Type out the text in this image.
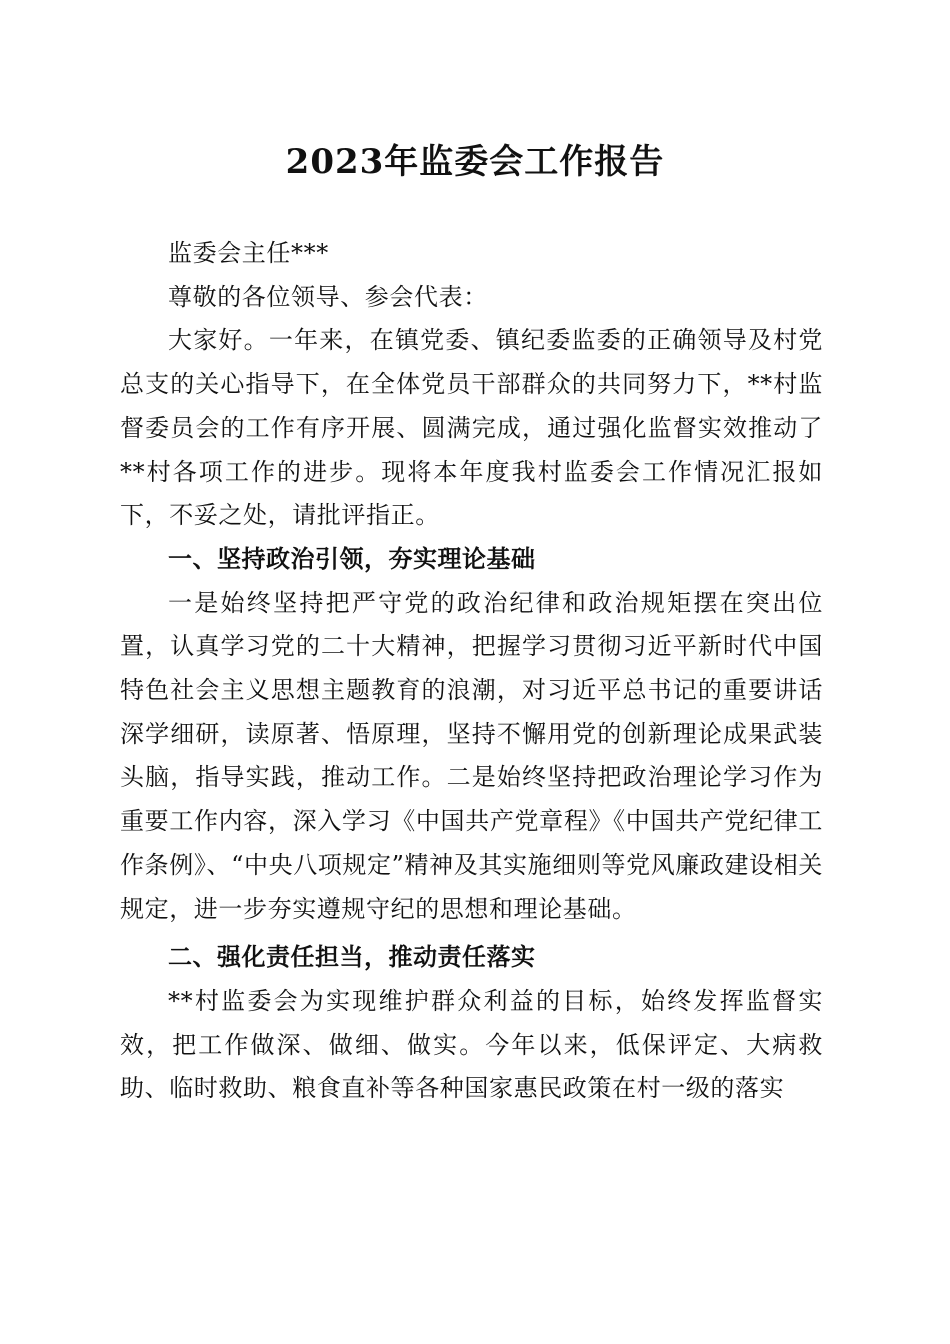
2023年监委会工作报告

监委会主任***

尊敬的各位领导、参会代表：

大家好。一年来，在镇党委、镇纪委监委的正确领导及村党总支的关心指导下，在全体党员干部群众的共同努力下，**村监督委员会的工作有序开展、圆满完成，通过强化监督实效推动了**村各项工作的进步。现将本年度我村监委会工作情况汇报如下，不妥之处，请批评指正。

一、坚持政治引领，夯实理论基础

一是始终坚持把严守党的政治纪律和政治规矩摆在突出位置，认真学习党的二十大精神，把握学习贯彻习近平新时代中国特色社会主义思想主题教育的浪潮，对习近平总书记的重要讲话深学细研，读原著、悟原理，坚持不懈用党的创新理论成果武装头脑，指导实践，推动工作。二是始终坚持把政治理论学习作为重要工作内容，深入学习《中国共产党章程》《中国共产党纪律工作条例》、“中央八项规定”精神及其实施细则等党风廉政建设相关规定，进一步夯实遵规守纪的思想和理论基础。

二、强化责任担当，推动责任落实

**村监委会为实现维护群众利益的目标，始终发挥监督实效，把工作做深、做细、做实。今年以来，低保评定、大病救助、临时救助、粮食直补等各种国家惠民政策在村一级的落实
